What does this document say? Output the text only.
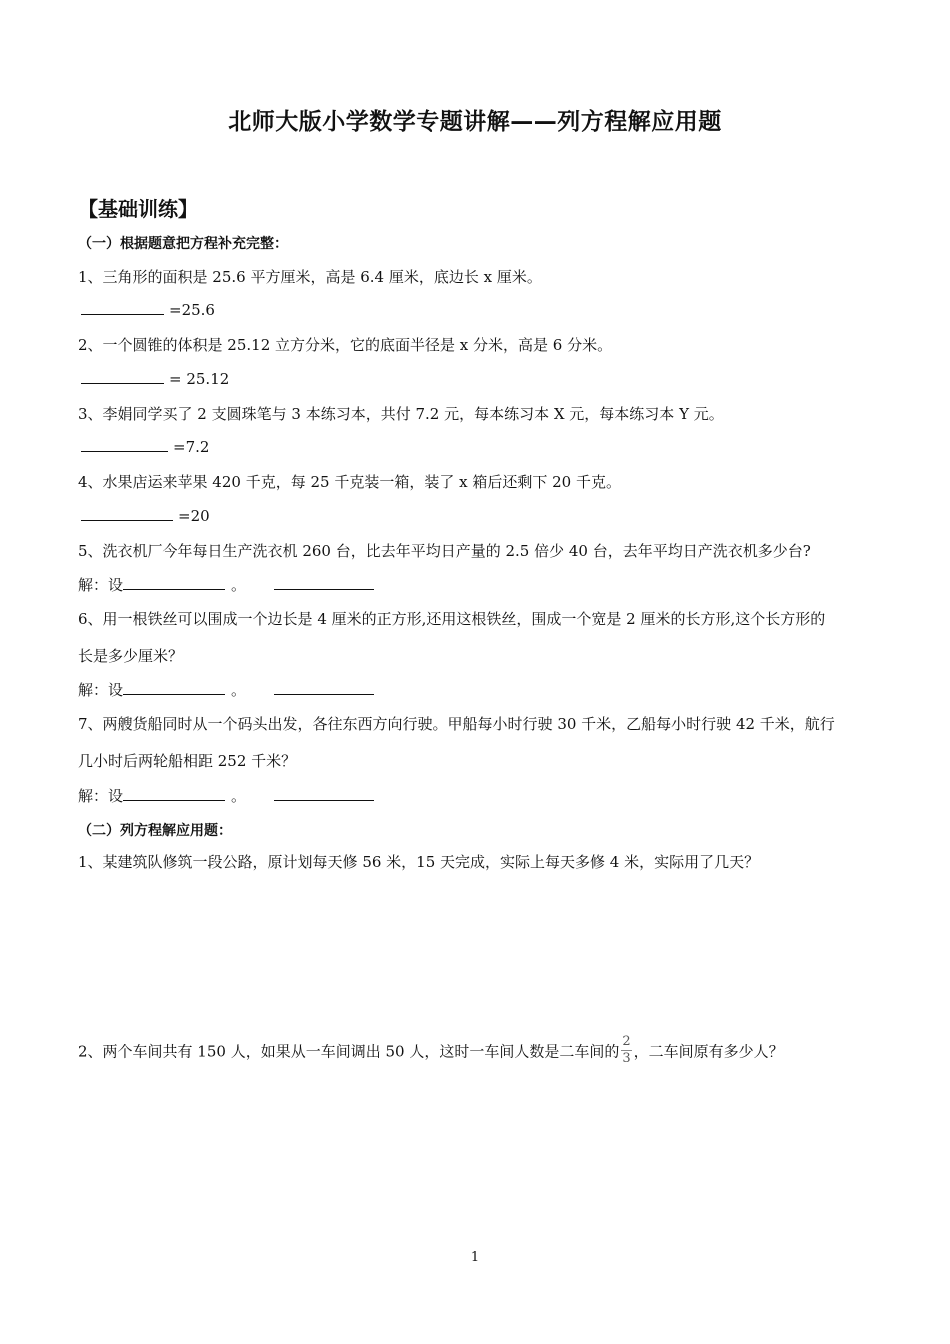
北师大版小学数学专题讲解——列方程解应用题
【基础训练】
（一）根据题意把方程补充完整：
1、三角形的面积是 25.6 平方厘米，高是 6.4 厘米，底边长 x 厘米。
=25.6
2、一个圆锥的体积是 25.12 立方分米，它的底面半径是 x 分米，高是 6 分米。
= 25.12
3、李娟同学买了 2 支圆珠笔与 3 本练习本，共付 7.2 元，每本练习本 X 元，每本练习本 Y 元。
=7.2
4、水果店运来苹果 420 千克，每 25 千克装一箱，装了 x 箱后还剩下 20 千克。
=20
5、洗衣机厂今年每日生产洗衣机 260 台，比去年平均日产量的 2.5 倍少 40 台，去年平均日产洗衣机多少台?
解：设	。
6、用一根铁丝可以围成一个边长是 4 厘米的正方形,还用这根铁丝，围成一个宽是 2 厘米的长方形,这个长方形的
长是多少厘米？
解：设	。
7、两艘货船同时从一个码头出发，各往东西方向行驶。甲船每小时行驶 30 千米，乙船每小时行驶 42 千米，航行
几小时后两轮船相距 252 千米？
解：设	。
（二）列方程解应用题：
1、某建筑队修筑一段公路，原计划每天修 56 米，15 天完成，实际上每天多修 4 米，实际用了几天？
2、两个车间共有 150 人，如果从一车间调出 50 人，这时一车间人数是二车间的 $\frac{2}{3}$ ，二车间原有多少人？
1
